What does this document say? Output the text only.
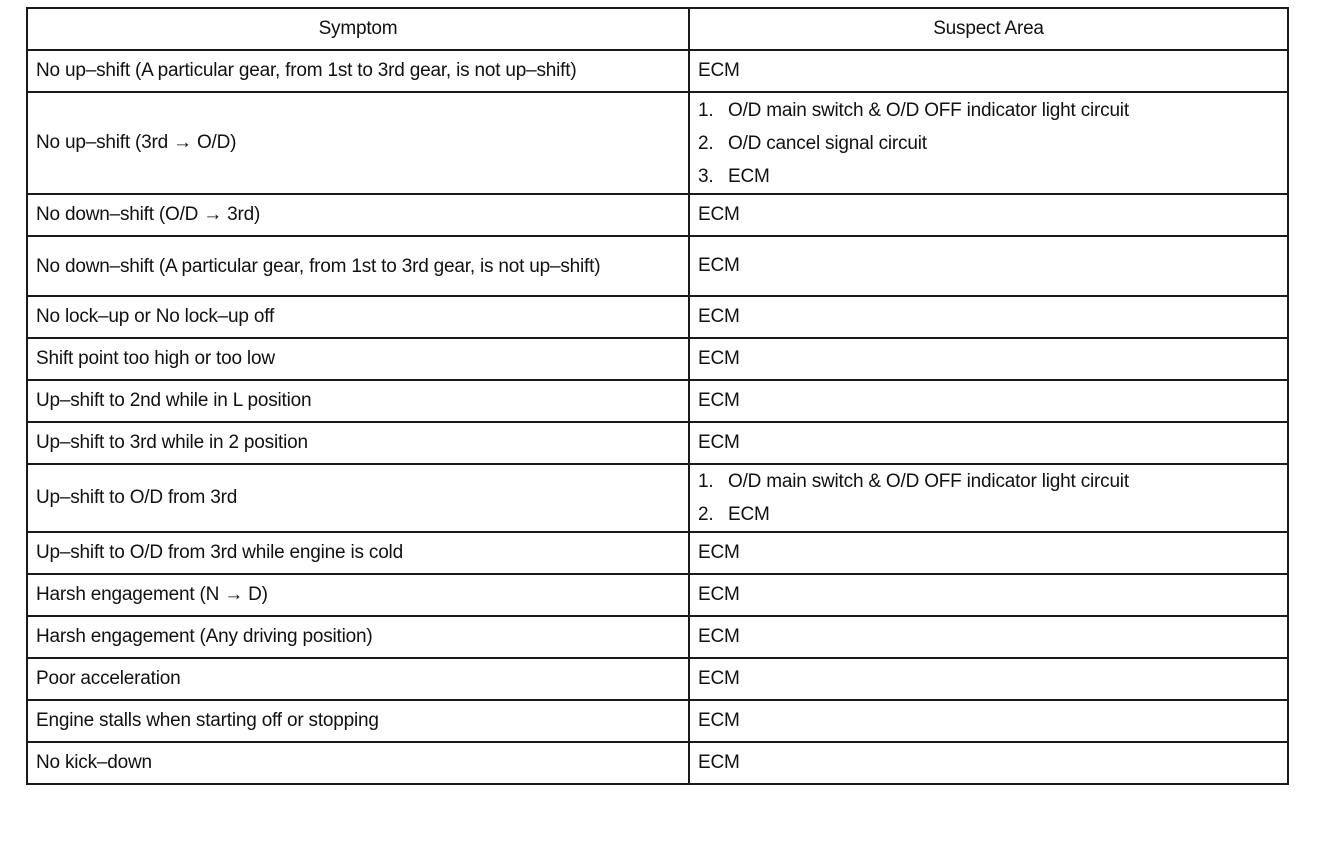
Symptom	Suspect Area
No up–shift (A particular gear, from 1st to 3rd gear, is not up–shift)	ECM
No up–shift (3rd → O/D)	1. O/D main switch & O/D OFF indicator light circuit
2. O/D cancel signal circuit
3. ECM

No down–shift (O/D → 3rd)	ECM
No down–shift (A particular gear, from 1st to 3rd gear, is not up–shift)	ECM
No lock–up or No lock–up off	ECM
Shift point too high or too low	ECM
Up–shift to 2nd while in L position	ECM
Up–shift to 3rd while in 2 position	ECM
Up–shift to O/D from 3rd	1. O/D main switch & O/D OFF indicator light circuit
2. ECM

Up–shift to O/D from 3rd while engine is cold	ECM
Harsh engagement (N → D)	ECM
Harsh engagement (Any driving position)	ECM
Poor acceleration	ECM
Engine stalls when starting off or stopping	ECM
No kick–down	ECM
